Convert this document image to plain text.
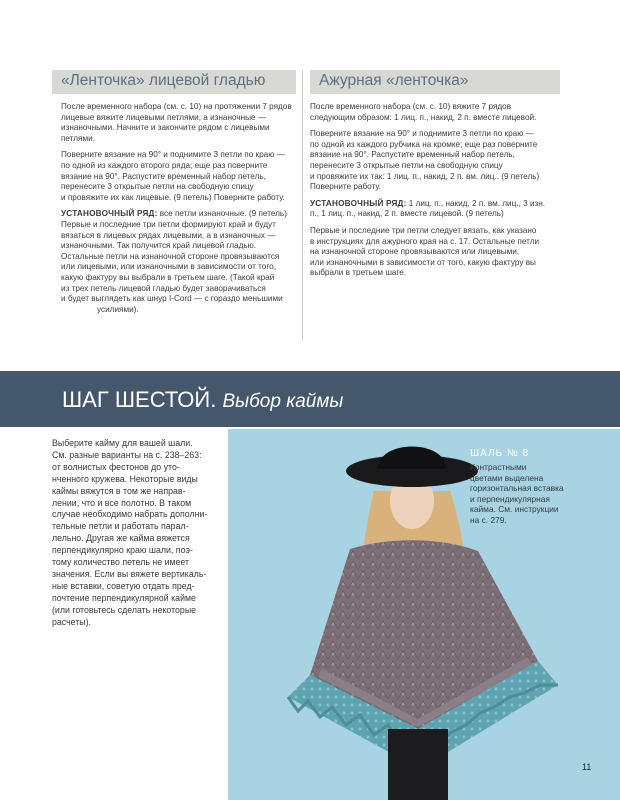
«Ленточка» лицевой гладью

После временного набора (см. с. 10) на протяжении 7 рядов
лицевые вяжите лицевыми петлями, а изнаночные —
изнаночными. Начните и закончите рядом с лицевыми
петлями.

Поверните вязание на 90° и поднимите 3 петли по краю —
по одной из каждого второго ряда; еще раз поверните
вязание на 90°. Распустите временный набор петель,
перенесите 3 открытые петли на свободную спицу
и провяжите их как лицевые. (9 петель) Поверните работу.

УСТАНОВОЧНЫЙ РЯД: все петли изнаночные. (9 петель)
Первые и последние три петли формируют край и будут
вязаться в лицевых рядах лицевыми, а в изнаночных —
изнаночными. Так получится край лицевой гладью.
Остальные петли на изнаночной стороне провязываются
или лицевыми, или изнаночными в зависимости от того,
какую фактуру вы выбрали в третьем шаге. (Такой край
из трех петель лицевой гладью будет заворачиваться
и будет выглядеть как шнур I-Cord — с гораздо меньшими
усилиями).

Ажурная «ленточка»

После временного набора (см. с. 10) вяжите 7 рядов
следующим образом: 1 лиц. п., накид, 2 п. вместе лицевой.

Поверните вязание на 90° и поднимите 3 петли по краю —
по одной из каждого рубчика на кромке; еще раз поверните
вязание на 90°. Распустите временный набор петель,
перенесите 3 открытые петли на свободную спицу
и провяжите их так: 1 лиц. п., накид, 2 п. вм. лиц.. (9 петель)
Поверните работу.

УСТАНОВОЧНЫЙ РЯД: 1 лиц. п., накид, 2 п. вм. лиц., 3 изн.
п., 1 лиц. п., накид, 2 п. вместе лицевой. (9 петель)

Первые и последние три петли следует вязать, как указано
в инструкциях для ажурного края на с. 17. Остальные петли
на изнаночной стороне провязываются или лицевыми,
или изнаночными в зависимости от того, какую фактуру вы
выбрали в третьем шаге.

ШАГ ШЕСТОЙ. Выбор каймы
Выберите кайму для вашей шали.
См. разные варианты на с. 238–263:
от волнистых фестонов до уто-
нченного кружева. Некоторые виды
каймы вяжутся в том же направ-
лении, что и все полотно. В таком
случае необходимо набрать дополни-
тельные петли и работать парал-
лельно. Другая же кайма вяжется
перпендикулярно краю шали, поэ-
тому количество петель не имеет
значения. Если вы вяжете вертикаль-
ные вставки, советую отдать пред-
почтение перпендикулярной кайме
(или готовьтесь сделать некоторые
расчеты).
ШАЛЬ № 8
Контрастными
цветами выделена
горизонтальная вставка
и перпендикулярная
кайма. См. инструкции
на с. 279.
11
